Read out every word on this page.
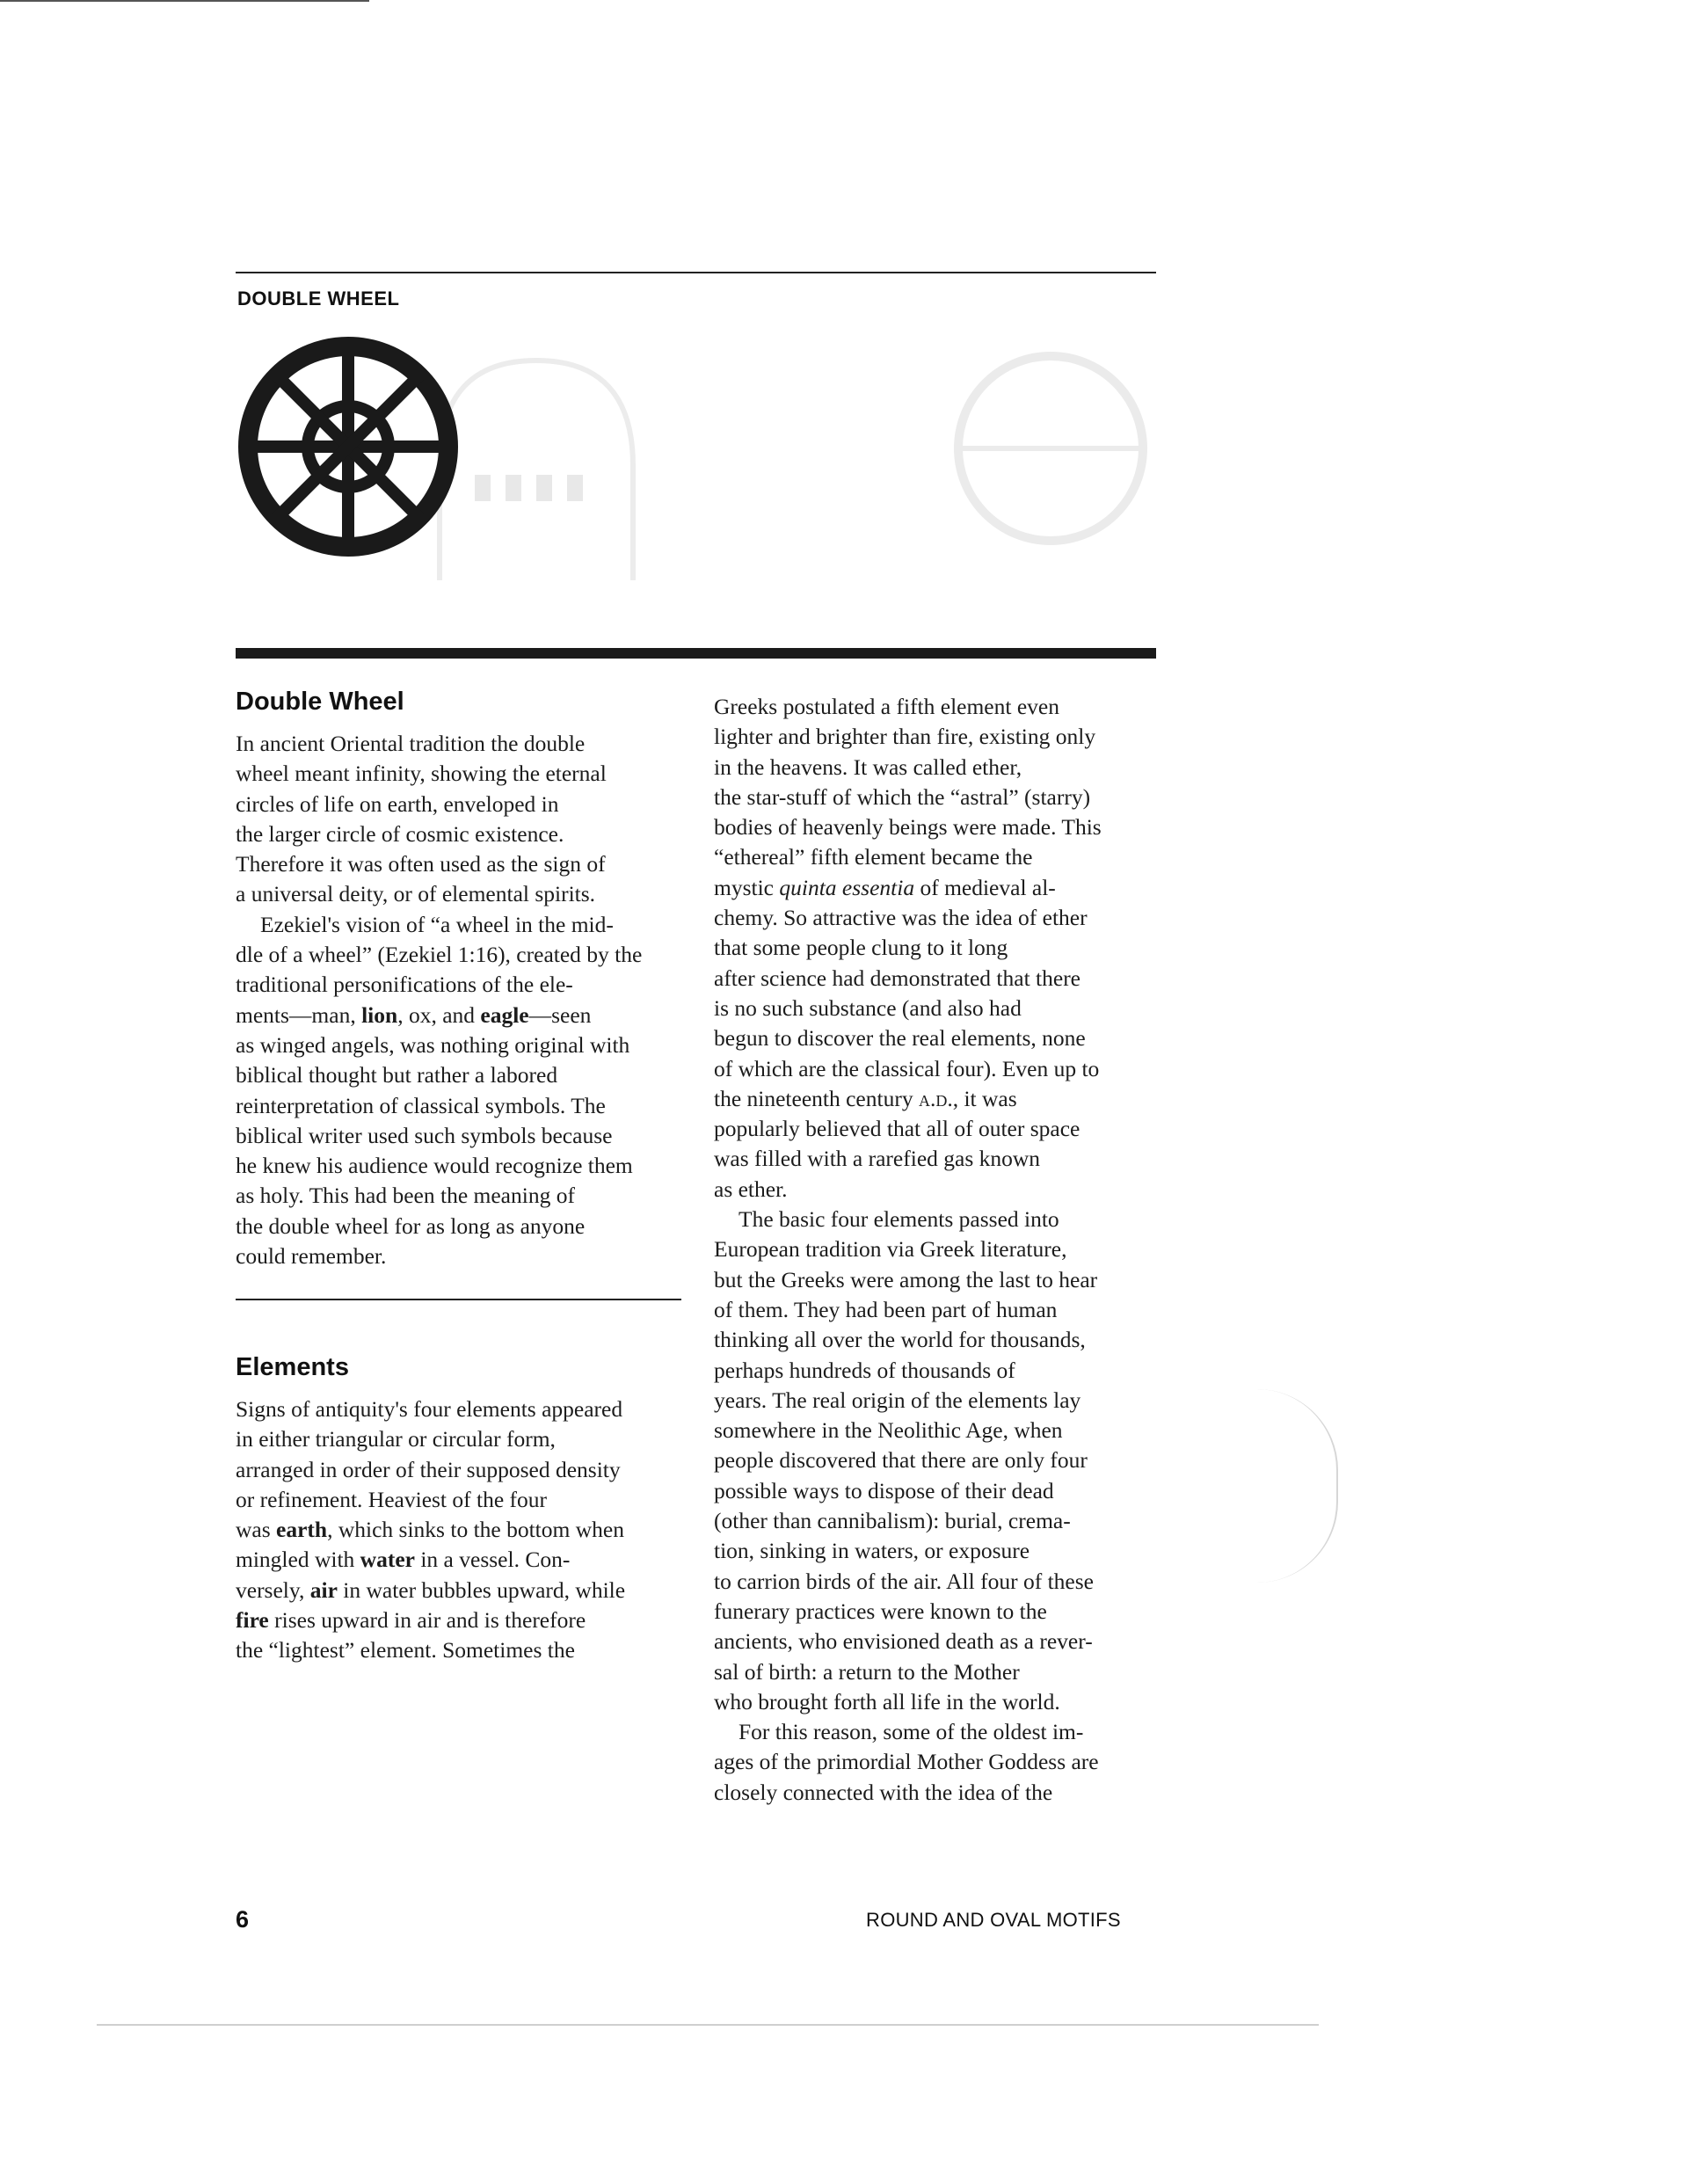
DOUBLE WHEEL
Double Wheel

In ancient Oriental tradition the double
wheel meant infinity, showing the eternal
circles of life on earth, enveloped in
the larger circle of cosmic existence.
Therefore it was often used as the sign of
a universal deity, or of elemental spirits.

Ezekiel's vision of “a wheel in the mid-
dle of a wheel” (Ezekiel 1:16), created by the
traditional personifications of the ele-
ments—man, lion, ox, and eagle—seen
as winged angels, was nothing original with
biblical thought but rather a labored
reinterpretation of classical symbols. The
biblical writer used such symbols because
he knew his audience would recognize them
as holy. This had been the meaning of
the double wheel for as long as anyone
could remember.

Elements

Signs of antiquity's four elements appeared
in either triangular or circular form,
arranged in order of their supposed density
or refinement. Heaviest of the four
was earth, which sinks to the bottom when
mingled with water in a vessel. Con-
versely, air in water bubbles upward, while
fire rises upward in air and is therefore
the “lightest” element. Sometimes the

Greeks postulated a fifth element even
lighter and brighter than fire, existing only
in the heavens. It was called ether,
the star-stuff of which the “astral” (starry)
bodies of heavenly beings were made. This
“ethereal” fifth element became the
mystic quinta essentia of medieval al-
chemy. So attractive was the idea of ether
that some people clung to it long
after science had demonstrated that there
is no such substance (and also had
begun to discover the real elements, none
of which are the classical four). Even up to
the nineteenth century a.d., it was
popularly believed that all of outer space
was filled with a rarefied gas known
as ether.

The basic four elements passed into
European tradition via Greek literature,
but the Greeks were among the last to hear
of them. They had been part of human
thinking all over the world for thousands,
perhaps hundreds of thousands of
years. The real origin of the elements lay
somewhere in the Neolithic Age, when
people discovered that there are only four
possible ways to dispose of their dead
(other than cannibalism): burial, crema-
tion, sinking in waters, or exposure
to carrion birds of the air. All four of these
funerary practices were known to the
ancients, who envisioned death as a rever-
sal of birth: a return to the Mother
who brought forth all life in the world.

For this reason, some of the oldest im-
ages of the primordial Mother Goddess are
closely connected with the idea of the

6	ROUND AND OVAL MOTIFS
